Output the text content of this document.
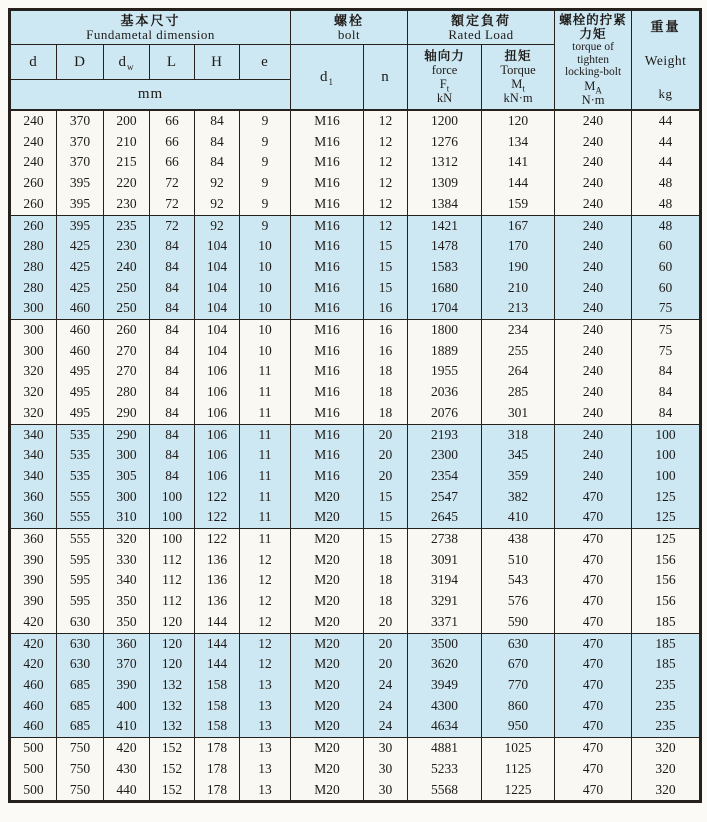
基本尺寸
Fundametal dimension

螺栓
bolt

額定負荷
Rated Load

螺栓的拧紧
力矩
torque of
tighten
locking-bolt
$M_A$
N·m

重量
Weight
kg

d	D	$d_w$	L	H	e	$d_1$	n	
轴向力
force
$F_t$
kN

扭矩
Torque
$M_t$
kN·m

mm											
240	370	200	66	84	9	M16	12	1200	120	240	44
240	370	210	66	84	9	M16	12	1276	134	240	44
240	370	215	66	84	9	M16	12	1312	141	240	44
260	395	220	72	92	9	M16	12	1309	144	240	48
260	395	230	72	92	9	M16	12	1384	159	240	48
260	395	235	72	92	9	M16	12	1421	167	240	48
280	425	230	84	104	10	M16	15	1478	170	240	60
280	425	240	84	104	10	M16	15	1583	190	240	60
280	425	250	84	104	10	M16	15	1680	210	240	60
300	460	250	84	104	10	M16	16	1704	213	240	75
300	460	260	84	104	10	M16	16	1800	234	240	75
300	460	270	84	104	10	M16	16	1889	255	240	75
320	495	270	84	106	11	M16	18	1955	264	240	84
320	495	280	84	106	11	M16	18	2036	285	240	84
320	495	290	84	106	11	M16	18	2076	301	240	84
340	535	290	84	106	11	M16	20	2193	318	240	100
340	535	300	84	106	11	M16	20	2300	345	240	100
340	535	305	84	106	11	M16	20	2354	359	240	100
360	555	300	100	122	11	M20	15	2547	382	470	125
360	555	310	100	122	11	M20	15	2645	410	470	125
360	555	320	100	122	11	M20	15	2738	438	470	125
390	595	330	112	136	12	M20	18	3091	510	470	156
390	595	340	112	136	12	M20	18	3194	543	470	156
390	595	350	112	136	12	M20	18	3291	576	470	156
420	630	350	120	144	12	M20	20	3371	590	470	185
420	630	360	120	144	12	M20	20	3500	630	470	185
420	630	370	120	144	12	M20	20	3620	670	470	185
460	685	390	132	158	13	M20	24	3949	770	470	235
460	685	400	132	158	13	M20	24	4300	860	470	235
460	685	410	132	158	13	M20	24	4634	950	470	235
500	750	420	152	178	13	M20	30	4881	1025	470	320
500	750	430	152	178	13	M20	30	5233	1125	470	320
500	750	440	152	178	13	M20	30	5568	1225	470	320
